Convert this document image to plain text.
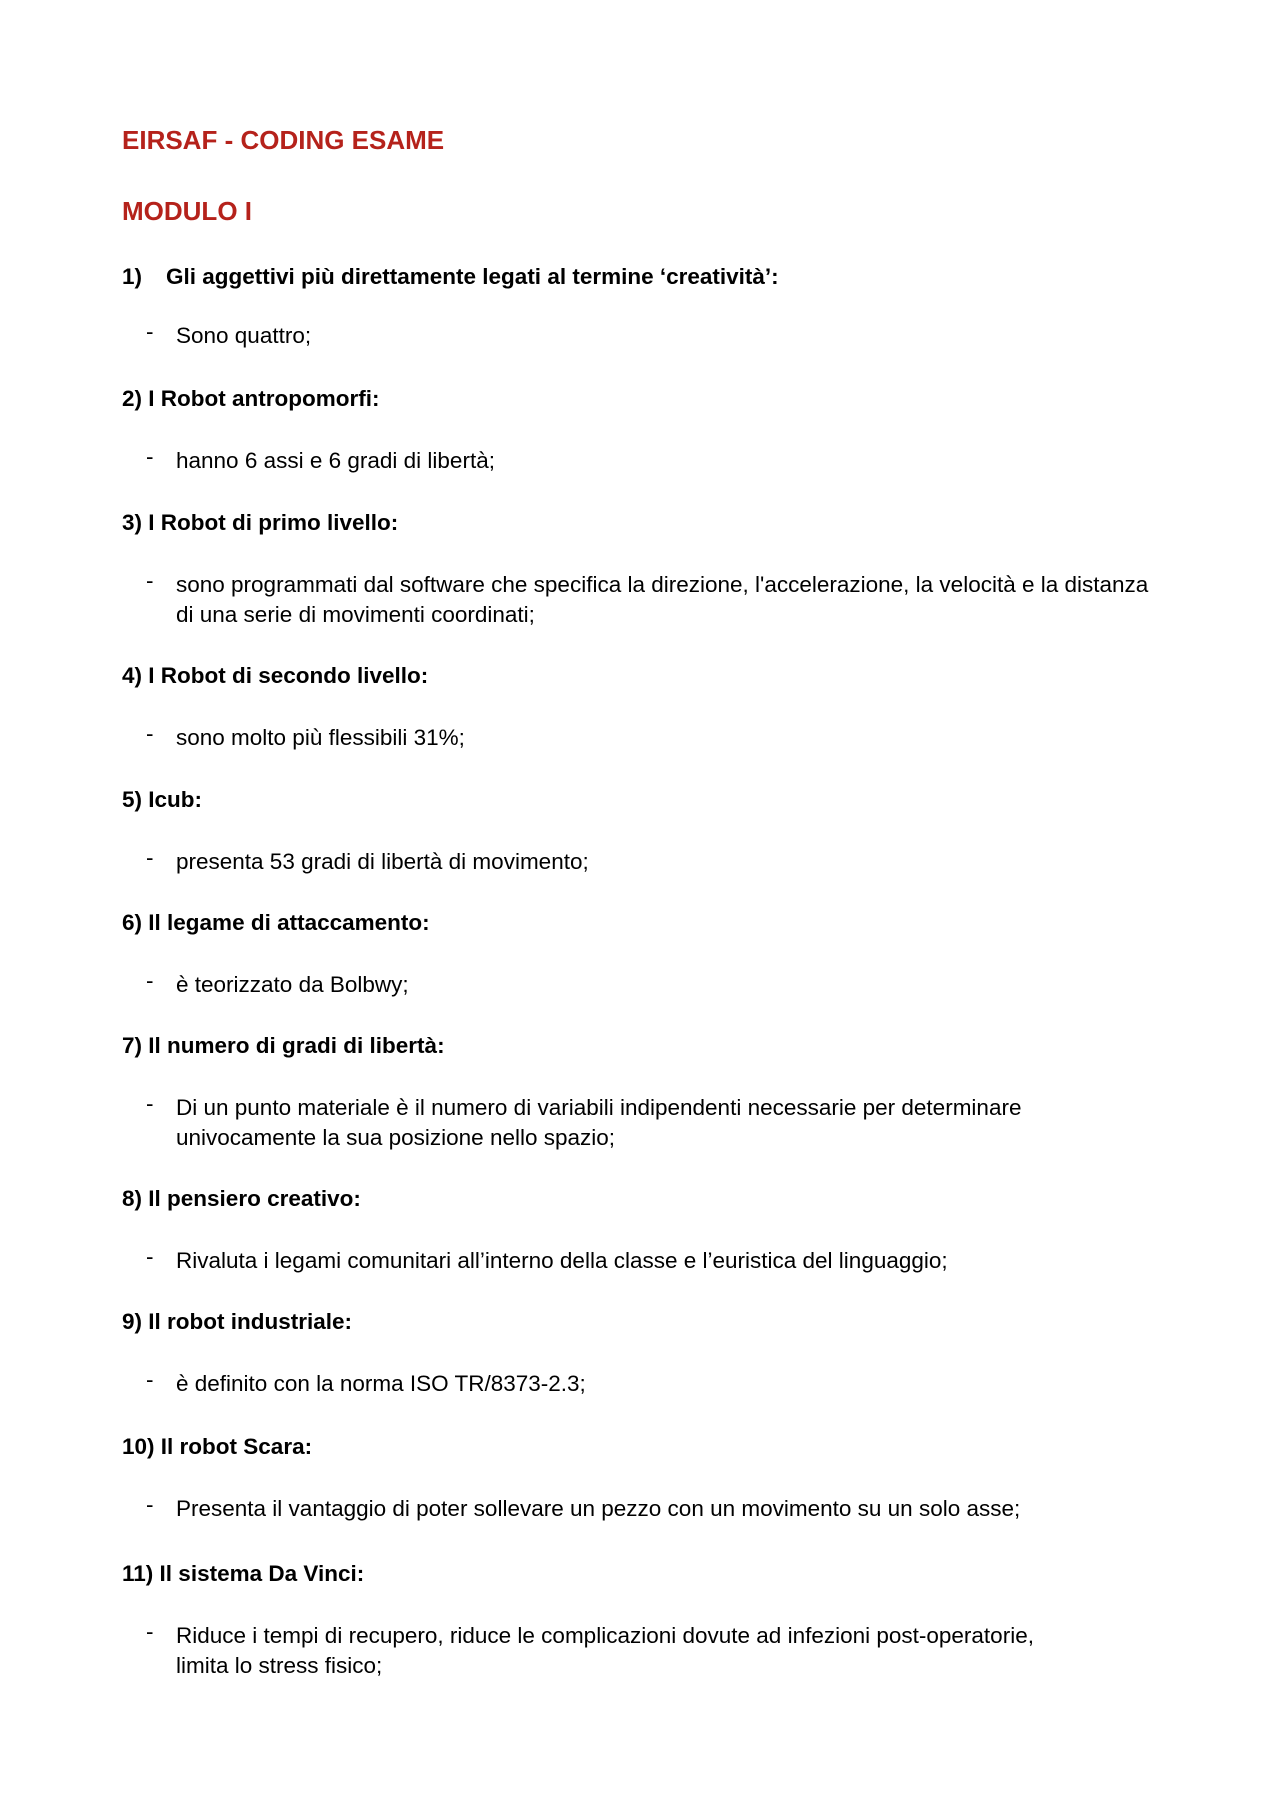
EIRSAF - CODING ESAME
MODULO I
1) Gli aggettivi più direttamente legati al termine ‘creatività’:
- Sono quattro;
2) I Robot antropomorfi:
- hanno 6 assi e 6 gradi di libertà;
3) I Robot di primo livello:
- sono programmati dal software che specifica la direzione, l'accelerazione, la velocità e la distanza di una serie di movimenti coordinati;
4) I Robot di secondo livello:
- sono molto più flessibili 31%;
5) Icub:
- presenta 53 gradi di libertà di movimento;
6) Il legame di attaccamento:
- è teorizzato da Bolbwy;
7) Il numero di gradi di libertà:
- Di un punto materiale è il numero di variabili indipendenti necessarie per determinare univocamente la sua posizione nello spazio;
8) Il pensiero creativo:
- Rivaluta i legami comunitari all’interno della classe e l’euristica del linguaggio;
9) Il robot industriale:
- è definito con la norma ISO TR/8373-2.3;
10) Il robot Scara:
- Presenta il vantaggio di poter sollevare un pezzo con un movimento su un solo asse;
11) Il sistema Da Vinci:
- Riduce i tempi di recupero, riduce le complicazioni dovute ad infezioni post-operatorie, limita lo stress fisico;
